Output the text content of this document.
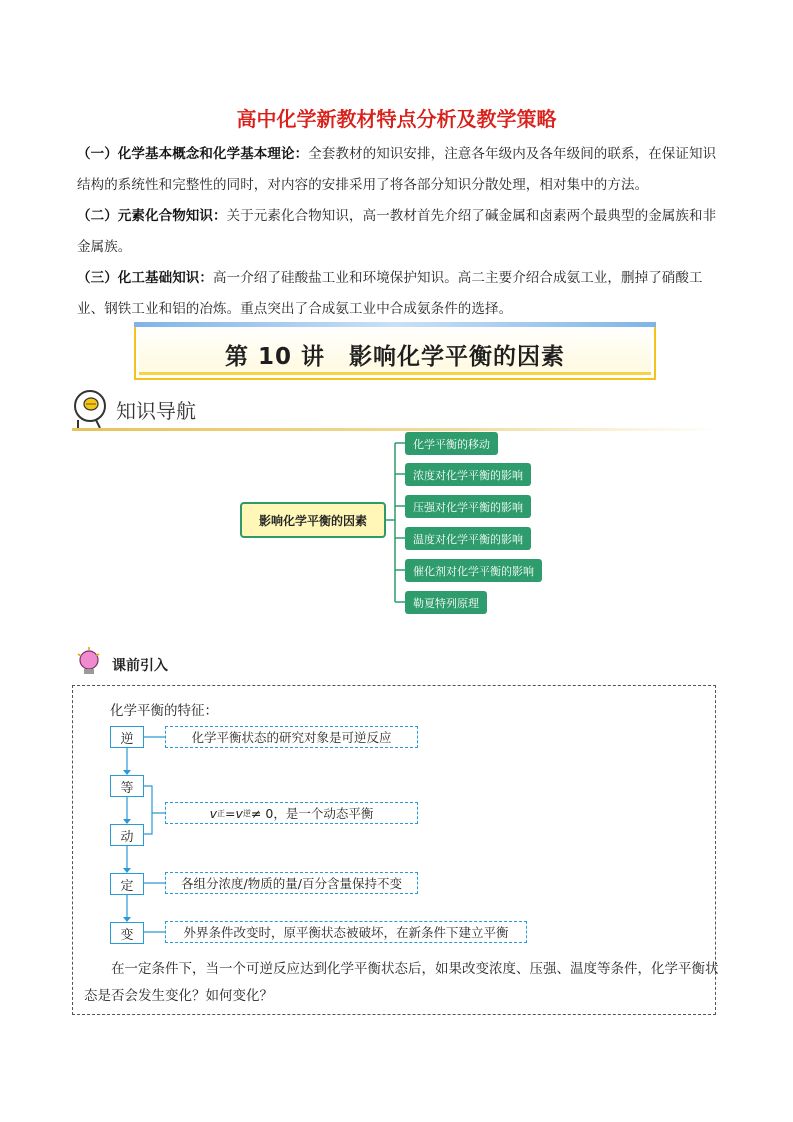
高中化学新教材特点分析及教学策略
（一）化学基本概念和化学基本理论：全套教材的知识安排，注意各年级内及各年级间的联系，在保证知识结构的系统性和完整性的同时，对内容的安排采用了将各部分知识分散处理，相对集中的方法。
（二）元素化合物知识：关于元素化合物知识，高一教材首先介绍了碱金属和卤素两个最典型的金属族和非金属族。
（三）化工基础知识：高一介绍了硅酸盐工业和环境保护知识。高二主要介绍合成氨工业，删掉了硝酸工业、钢铁工业和铝的冶炼。重点突出了合成氨工业中合成氨条件的选择。
第 10 讲　影响化学平衡的因素
知识导航
影响化学平衡的因素
化学平衡的移动
浓度对化学平衡的影响
压强对化学平衡的影响
温度对化学平衡的影响
催化剂对化学平衡的影响
勒夏特列原理
课前引入
化学平衡的特征：
逆
等
动
定
变
化学平衡状态的研究对象是可逆反应
v 正 = v 逆 ≠ 0，是一个动态平衡
各组分浓度/物质的量/百分含量保持不变
外界条件改变时，原平衡状态被破坏，在新条件下建立平衡
在一定条件下，当一个可逆反应达到化学平衡状态后，如果改变浓度、压强、温度等条件，化学平衡状态是否会发生变化？如何变化？
